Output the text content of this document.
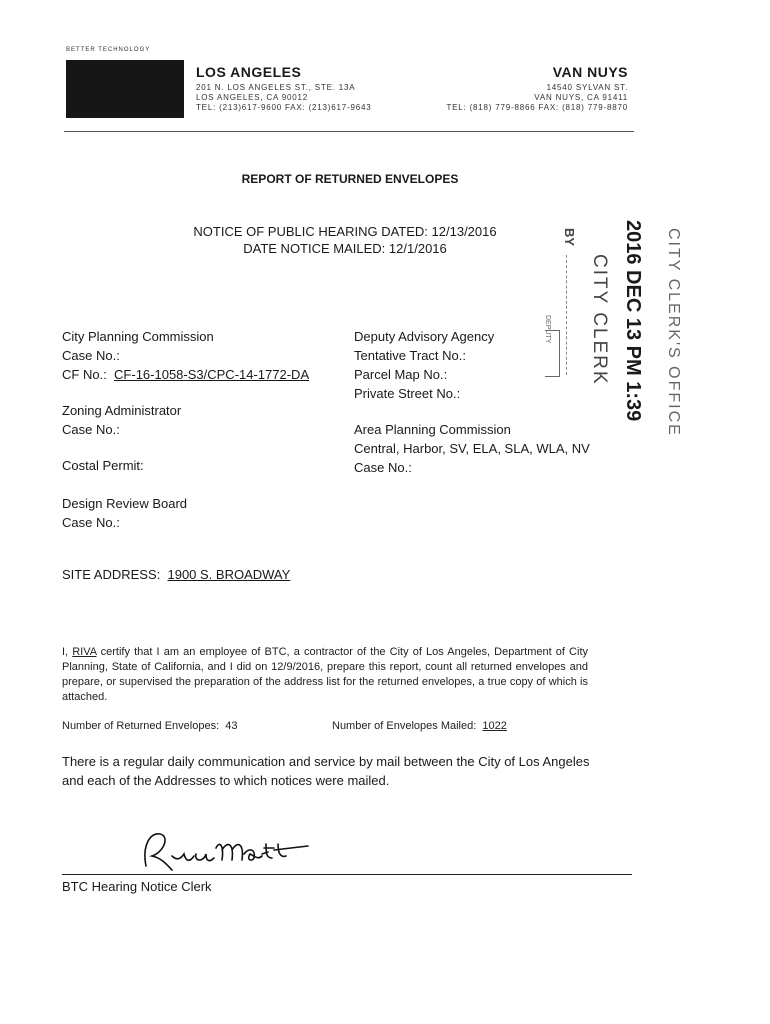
BETTER TECHNOLOGY
LOS ANGELES
201 N. LOS ANGELES ST., STE. 13A
LOS ANGELES, CA 90012
TEL: (213)617-9600 FAX: (213)617-9643
VAN NUYS
14540 SYLVAN ST.
VAN NUYS, CA 91411
TEL: (818) 779-8866 FAX: (818) 779-8870
REPORT OF RETURNED ENVELOPES
NOTICE OF PUBLIC HEARING DATED: 12/13/2016
DATE NOTICE MAILED: 12/1/2016
City Planning Commission
Case No.:
CF No.: CF-16-1058-S3/CPC-14-1772-DA
Zoning Administrator
Case No.:
Costal Permit:
Design Review Board
Case No.:
Deputy Advisory Agency
Tentative Tract No.:
Parcel Map No.:
Private Street No.:
Area Planning Commission
Central, Harbor, SV, ELA, SLA, WLA, NV
Case No.:
SITE ADDRESS: 1900 S. BROADWAY
I, RIVA certify that I am an employee of BTC, a contractor of the City of Los Angeles, Department of City Planning, State of California, and I did on 12/9/2016, prepare this report, count all returned envelopes and prepare, or supervised the preparation of the address list for the returned envelopes, a true copy of which is attached.
Number of Returned Envelopes: 43	Number of Envelopes Mailed: 1022
There is a regular daily communication and service by mail between the City of Los Angeles and each of the Addresses to which notices were mailed.
BTC Hearing Notice Clerk
BY
DEPUTY CITY CLERK 2016 DEC 13 PM 1:39 CITY CLERK'S OFFICE
